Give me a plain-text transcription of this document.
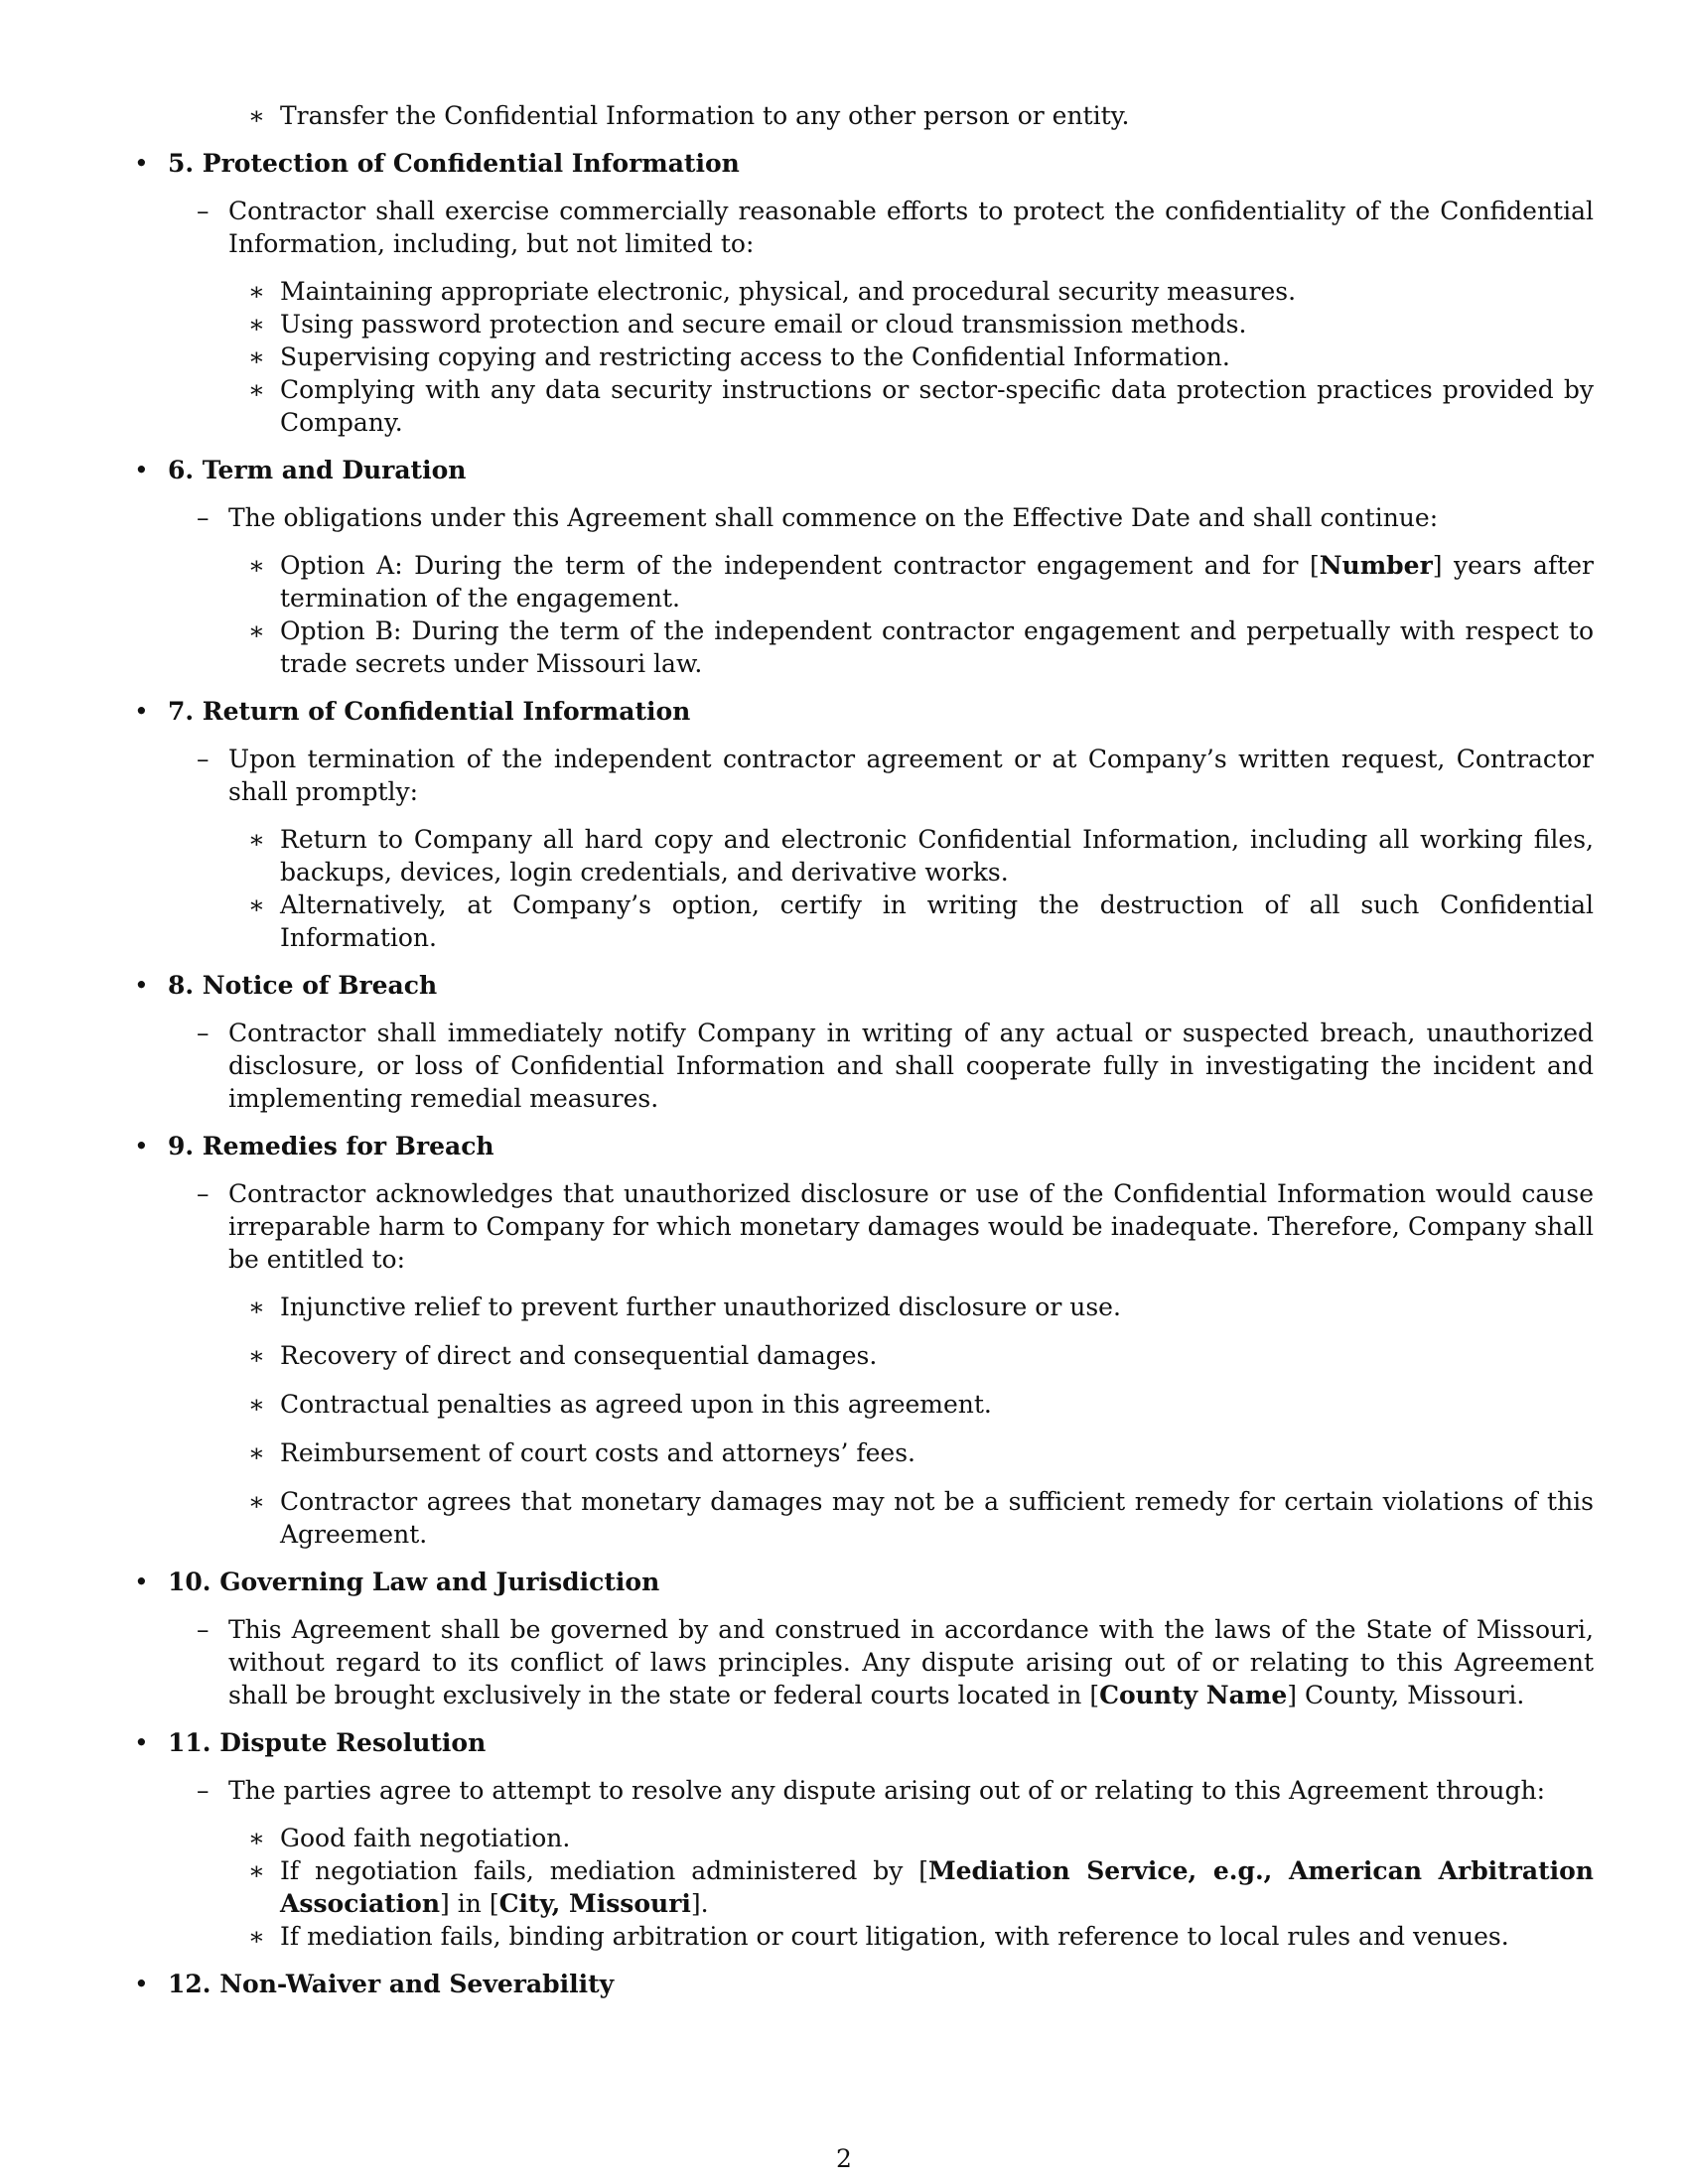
∗ Transfer the Confidential Information to any other person or entity.
• 5. Protection of Confidential Information
– Contractor shall exercise commercially reasonable efforts to protect the confidentiality of the Confidential Information, including, but not limited to:
∗ Maintaining appropriate electronic, physical, and procedural security measures.
∗ Using password protection and secure email or cloud transmission methods.
∗ Supervising copying and restricting access to the Confidential Information.
∗ Complying with any data security instructions or sector-specific data protection practices provided by Company.
• 6. Term and Duration
– The obligations under this Agreement shall commence on the Effective Date and shall continue:
∗ Option A: During the term of the independent contractor engagement and for [Number] years after termination of the engagement.
∗ Option B: During the term of the independent contractor engagement and perpetually with respect to trade secrets under Missouri law.
• 7. Return of Confidential Information
– Upon termination of the independent contractor agreement or at Company’s written request, Contractor shall promptly:
∗ Return to Company all hard copy and electronic Confidential Information, including all working files, backups, devices, login credentials, and derivative works.
∗ Alternatively, at Company’s option, certify in writing the destruction of all such Confidential Information.
• 8. Notice of Breach
– Contractor shall immediately notify Company in writing of any actual or suspected breach, unauthorized disclosure, or loss of Confidential Information and shall cooperate fully in investigating the incident and implementing remedial measures.
• 9. Remedies for Breach
– Contractor acknowledges that unauthorized disclosure or use of the Confidential Information would cause irreparable harm to Company for which monetary damages would be inadequate. Therefore, Company shall be entitled to:
∗ Injunctive relief to prevent further unauthorized disclosure or use.
∗ Recovery of direct and consequential damages.
∗ Contractual penalties as agreed upon in this agreement.
∗ Reimbursement of court costs and attorneys’ fees.
∗ Contractor agrees that monetary damages may not be a sufficient remedy for certain violations of this Agreement.
• 10. Governing Law and Jurisdiction
– This Agreement shall be governed by and construed in accordance with the laws of the State of Missouri, without regard to its conflict of laws principles. Any dispute arising out of or relating to this Agreement shall be brought exclusively in the state or federal courts located in [County Name] County, Missouri.
• 11. Dispute Resolution
– The parties agree to attempt to resolve any dispute arising out of or relating to this Agreement through:
∗ Good faith negotiation.
∗ If negotiation fails, mediation administered by [Mediation Service, e.g., American Arbitration Association] in [City, Missouri].
∗ If mediation fails, binding arbitration or court litigation, with reference to local rules and venues.
• 12. Non-Waiver and Severability
2
